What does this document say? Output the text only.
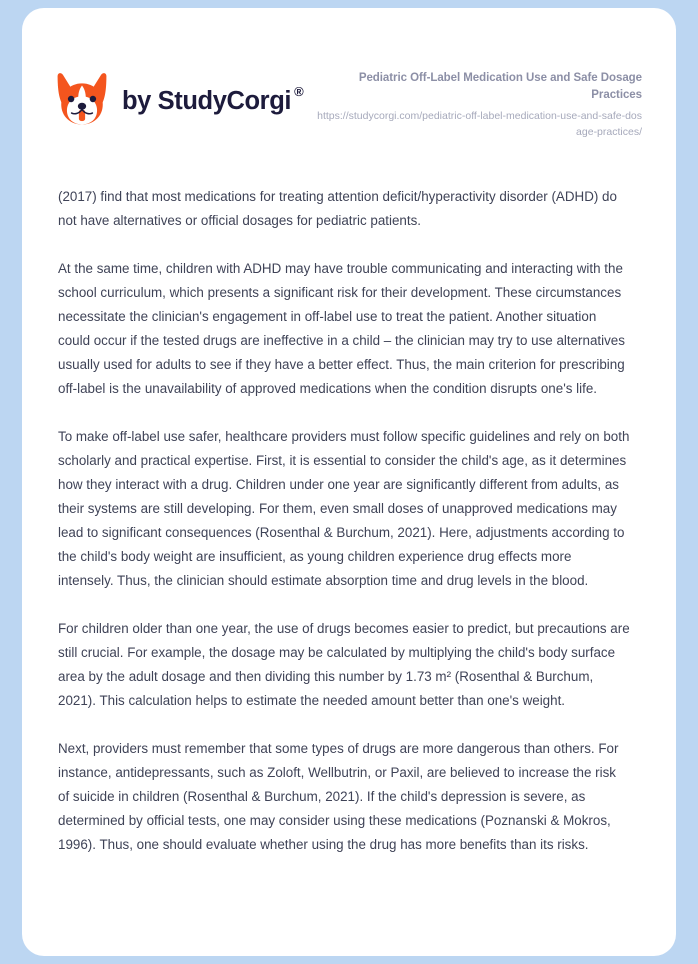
by StudyCorgi ®
Pediatric Off-Label Medication Use and Safe Dosage Practices
https://studycorgi.com/pediatric-off-label-medication-use-and-safe-dosage-practices/

(2017) find that most medications for treating attention deficit/hyperactivity disorder (ADHD) do not have alternatives or official dosages for pediatric patients.

At the same time, children with ADHD may have trouble communicating and interacting with the school curriculum, which presents a significant risk for their development. These circumstances necessitate the clinician's engagement in off-label use to treat the patient. Another situation could occur if the tested drugs are ineffective in a child – the clinician may try to use alternatives usually used for adults to see if they have a better effect. Thus, the main criterion for prescribing off-label is the unavailability of approved medications when the condition disrupts one's life.

To make off-label use safer, healthcare providers must follow specific guidelines and rely on both scholarly and practical expertise. First, it is essential to consider the child's age, as it determines how they interact with a drug. Children under one year are significantly different from adults, as their systems are still developing. For them, even small doses of unapproved medications may lead to significant consequences (Rosenthal & Burchum, 2021). Here, adjustments according to the child's body weight are insufficient, as young children experience drug effects more intensely. Thus, the clinician should estimate absorption time and drug levels in the blood.

For children older than one year, the use of drugs becomes easier to predict, but precautions are still crucial. For example, the dosage may be calculated by multiplying the child's body surface area by the adult dosage and then dividing this number by 1.73 m² (Rosenthal & Burchum, 2021). This calculation helps to estimate the needed amount better than one's weight.

Next, providers must remember that some types of drugs are more dangerous than others. For instance, antidepressants, such as Zoloft, Wellbutrin, or Paxil, are believed to increase the risk of suicide in children (Rosenthal & Burchum, 2021). If the child's depression is severe, as determined by official tests, one may consider using these medications (Poznanski & Mokros, 1996). Thus, one should evaluate whether using the drug has more benefits than its risks.
